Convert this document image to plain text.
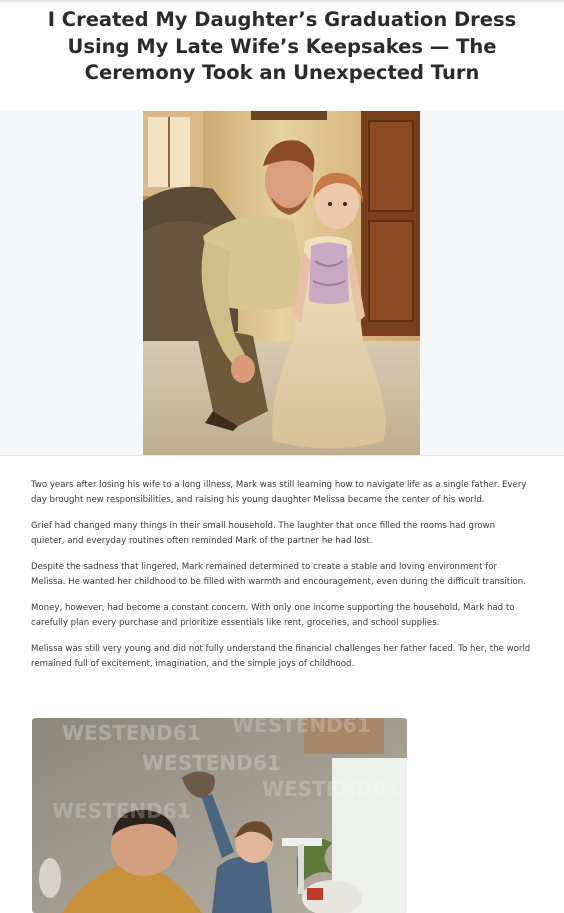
I Created My Daughter’s Graduation Dress Using My Late Wife’s Keepsakes — The Ceremony Took an Unexpected Turn

Two years after losing his wife to a long illness, Mark was still learning how to navigate life as a single father. Every day brought new responsibilities, and raising his young daughter Melissa became the center of his world.

Grief had changed many things in their small household. The laughter that once filled the rooms had grown quieter, and everyday routines often reminded Mark of the partner he had lost.

Despite the sadness that lingered, Mark remained determined to create a stable and loving environment for Melissa. He wanted her childhood to be filled with warmth and encouragement, even during the difficult transition.

Money, however, had become a constant concern. With only one income supporting the household, Mark had to carefully plan every purchase and prioritize essentials like rent, groceries, and school supplies.

Melissa was still very young and did not fully understand the financial challenges her father faced. To her, the world remained full of excitement, imagination, and the simple joys of childhood.

WESTEND61
WESTEND61
WESTEND61
WESTEND61
WESTEND61
